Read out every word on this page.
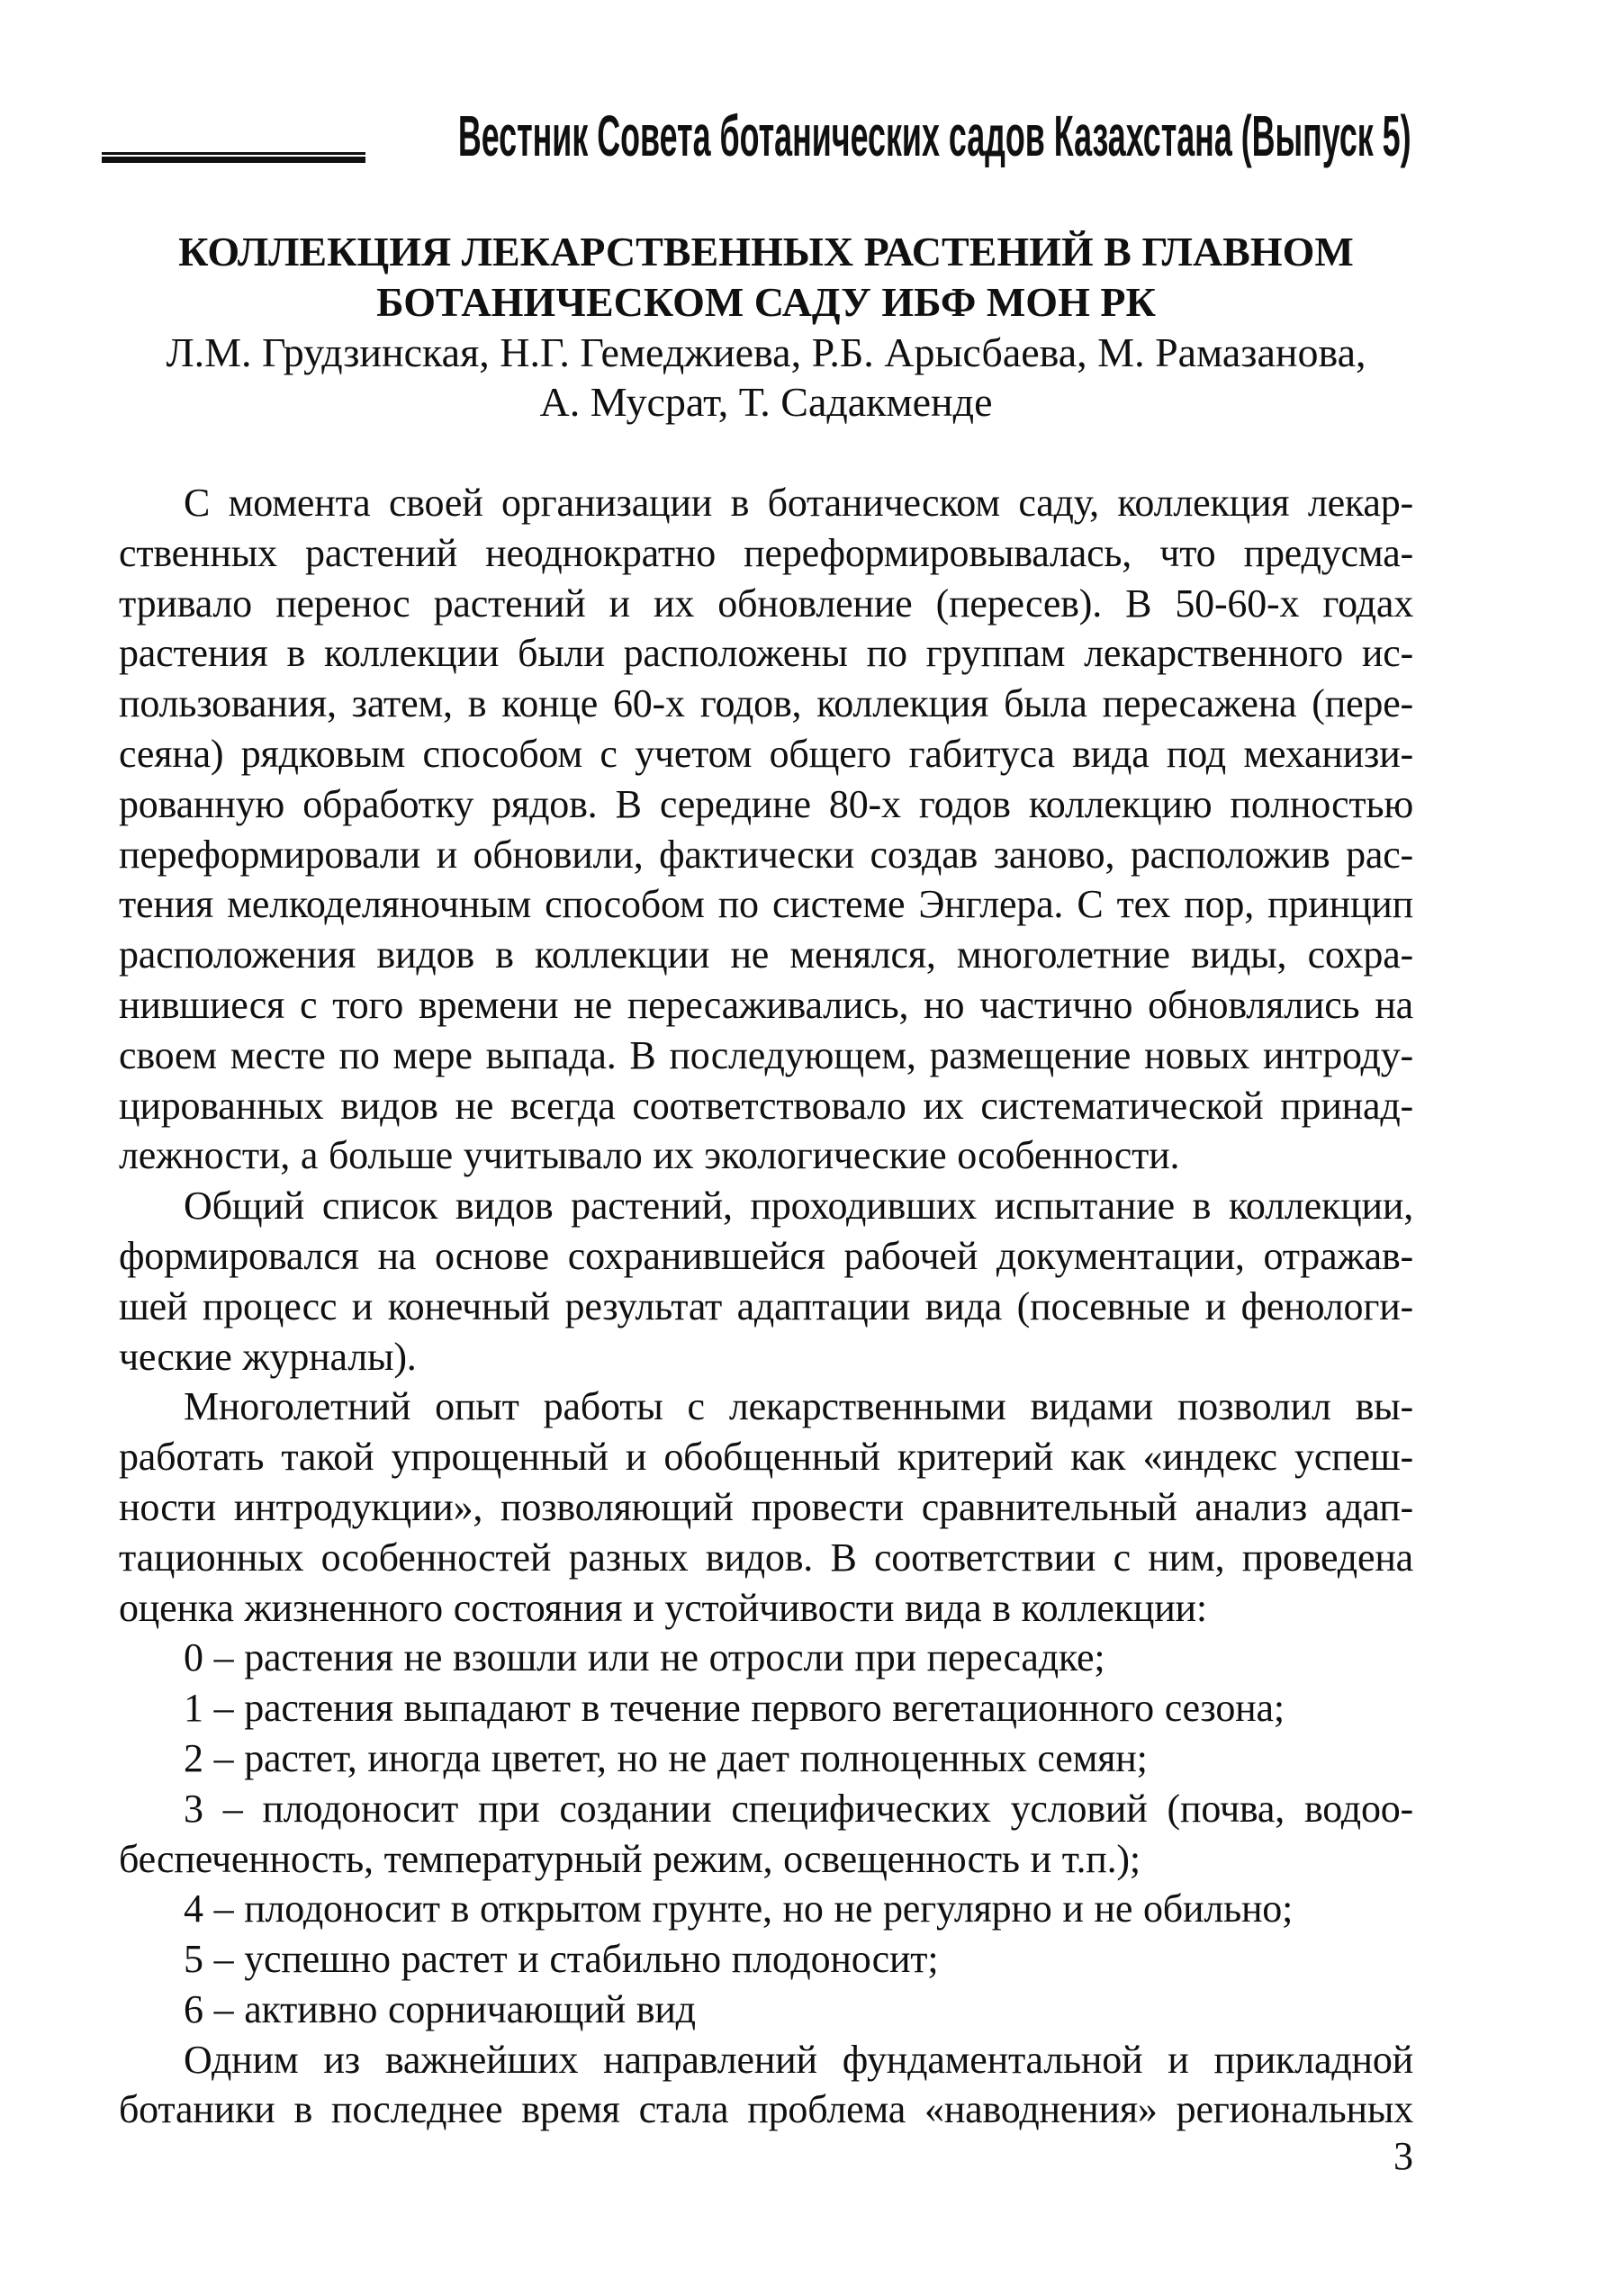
Вестник Совета ботанических садов Казахстана (Выпуск 5)
КОЛЛЕКЦИЯ ЛЕКАРСТВЕННЫХ РАСТЕНИЙ В ГЛАВНОМ
БОТАНИЧЕСКОМ САДУ ИБФ МОН РК
Л.М. Грудзинская, Н.Г. Гемеджиева, Р.Б. Арысбаева, М. Рамазанова,
А. Мусрат, Т. Садакменде
С момента своей организации в ботаническом саду, коллекция лекар-
ственных растений неоднократно переформировывалась, что предусма-
тривало перенос растений и их обновление (пересев). В 50-60-х годах
растения в коллекции были расположены по группам лекарственного ис-
пользования, затем, в конце 60-х годов, коллекция была пересажена (пере-
сеяна) рядковым способом с учетом общего габитуса вида под механизи-
рованную обработку рядов. В середине 80-х годов коллекцию полностью
переформировали и обновили, фактически создав заново, расположив рас-
тения мелкоделяночным способом по системе Энглера. С тех пор, принцип
расположения видов в коллекции не менялся, многолетние виды, сохра-
нившиеся с того времени не пересаживались, но частично обновлялись на
своем месте по мере выпада. В последующем, размещение новых интроду-
цированных видов не всегда соответствовало их систематической принад-
лежности, а больше учитывало их экологические особенности.
Общий список видов растений, проходивших испытание в коллекции,
формировался на основе сохранившейся рабочей документации, отражав-
шей процесс и конечный результат адаптации вида (посевные и фенологи-
ческие журналы).
Многолетний опыт работы с лекарственными видами позволил вы-
работать такой упрощенный и обобщенный критерий как «индекс успеш-
ности интродукции», позволяющий провести сравнительный анализ адап-
тационных особенностей разных видов. В соответствии с ним, проведена
оценка жизненного состояния и устойчивости вида в коллекции:
0 – растения не взошли или не отросли при пересадке;
1 – растения выпадают в течение первого вегетационного сезона;
2 – растет, иногда цветет, но не дает полноценных семян;
3 – плодоносит при создании специфических условий (почва, водоо-
беспеченность, температурный режим, освещенность и т.п.);
4 – плодоносит в открытом грунте, но не регулярно и не обильно;
5 – успешно растет и стабильно плодоносит;
6 – активно сорничающий вид
Одним из важнейших направлений фундаментальной и прикладной
ботаники в последнее время стала проблема «наводнения» региональных
3
